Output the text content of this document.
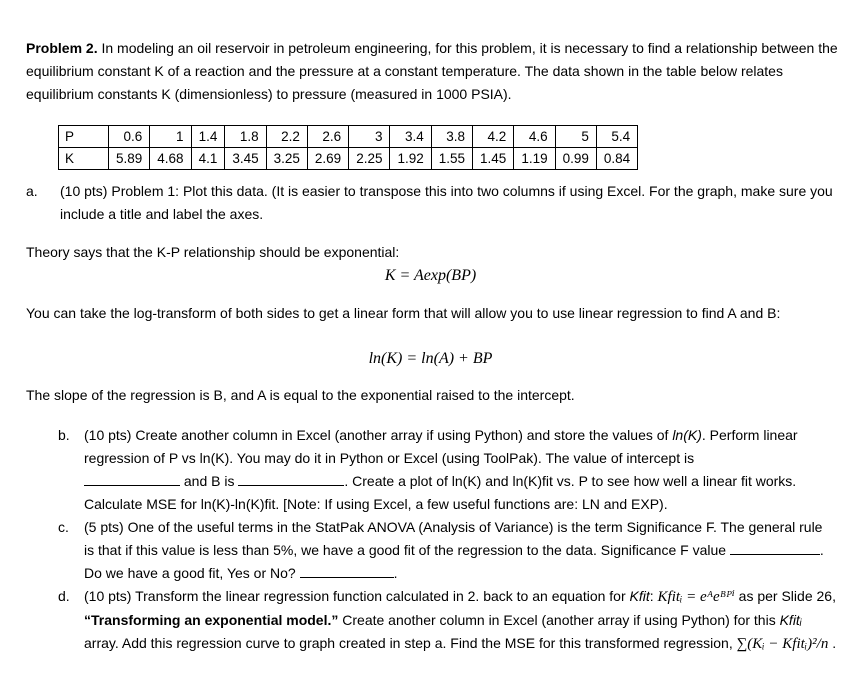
Problem 2. In modeling an oil reservoir in petroleum engineering, for this problem, it is necessary to find a relationship between the equilibrium constant K of a reaction and the pressure at a constant temperature. The data shown in the table below relates equilibrium constants K (dimensionless) to pressure (measured in 1000 PSIA).

P	0.6	1	1.4	1.8	2.2	2.6	3	3.4	3.8	4.2	4.6	5	5.4
K	5.89	4.68	4.1	3.45	3.25	2.69	2.25	1.92	1.55	1.45	1.19	0.99	0.84
a. (10 pts) Problem 1: Plot this data. (It is easier to transpose this into two columns if using Excel. For the graph, make sure you include a title and label the axes.

Theory says that the K-P relationship should be exponential:

K = Aexp(BP)

You can take the log-transform of both sides to get a linear form that will allow you to use linear regression to find A and B:

ln(K) = ln(A) + BP

The slope of the regression is B, and A is equal to the exponential raised to the intercept.

b. (10 pts) Create another column in Excel (another array if using Python) and store the values of ln(K). Perform linear regression of P vs ln(K). You may do it in Python or Excel (using ToolPak). The value of intercept is
and B is	. Create a plot of ln(K) and ln(K)fit vs. P to see how well a linear fit works. Calculate MSE for ln(K)-ln(K)fit. [Note: If using Excel, a few useful functions are: LN and EXP).

c. (5 pts) One of the useful terms in the StatPak ANOVA (Analysis of Variance) is the term Significance F. The general rule is that if this value is less than 5%, we have a good fit of the regression to the data. Significance F value	. Do we have a good fit, Yes or No?	.

d. (10 pts) Transform the linear regression function calculated in 2. back to an equation for Kfit: Kfitᵢ = eᴬeᴮᴾⁱ as per Slide 26, “Transforming an exponential model.” Create another column in Excel (another array if using Python) for this Kfitᵢ array. Add this regression curve to graph created in step a. Find the MSE for this transformed regression, ∑(Kᵢ − Kfitᵢ)²/n .
